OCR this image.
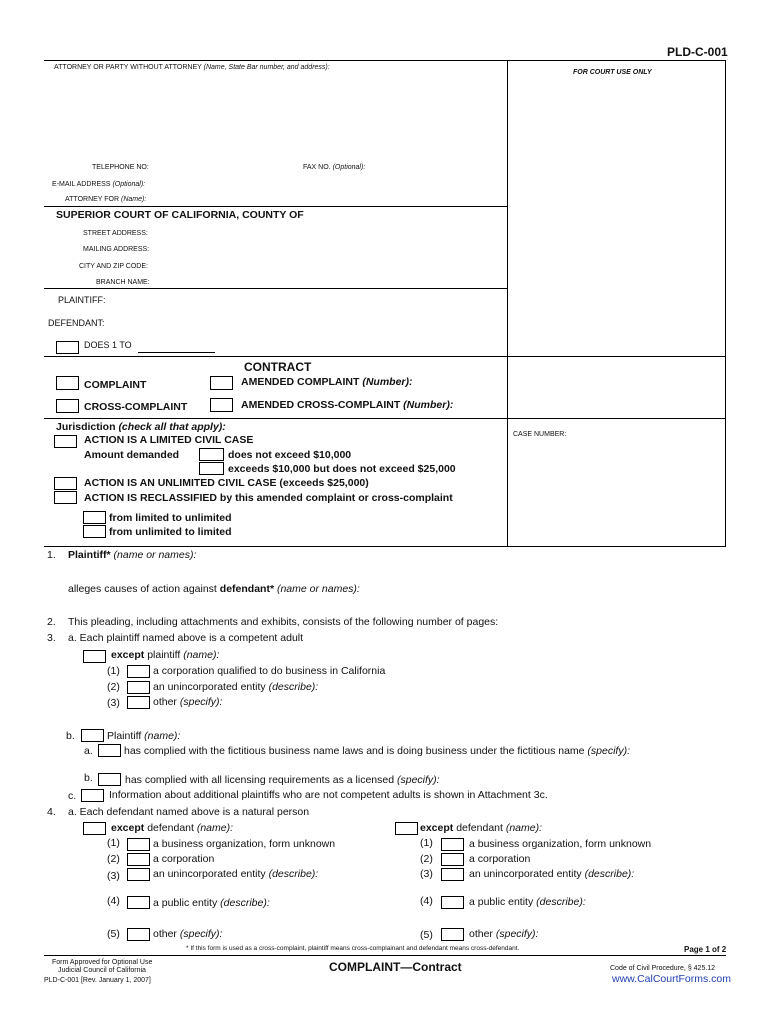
PLD-C-001
ATTORNEY OR PARTY WITHOUT ATTORNEY (Name, State Bar number, and address):
FOR COURT USE ONLY
TELEPHONE NO:	FAX NO. (Optional):
E-MAIL ADDRESS (Optional):
ATTORNEY FOR (Name):
SUPERIOR COURT OF CALIFORNIA, COUNTY OF
STREET ADDRESS:
MAILING ADDRESS:
CITY AND ZIP CODE:
BRANCH NAME:
PLAINTIFF:
DEFENDANT:
DOES 1 TO
CONTRACT
COMPLAINT	AMENDED COMPLAINT (Number):
CROSS-COMPLAINT	AMENDED CROSS-COMPLAINT (Number):
Jurisdiction (check all that apply):
CASE NUMBER:
ACTION IS A LIMITED CIVIL CASE
Amount demanded	does not exceed $10,000
exceeds $10,000 but does not exceed $25,000
ACTION IS AN UNLIMITED CIVIL CASE (exceeds $25,000)
ACTION IS RECLASSIFIED by this amended complaint or cross-complaint
from limited to unlimited
from unlimited to limited
1. Plaintiff* (name or names):
alleges causes of action against defendant* (name or names):
2. This pleading, including attachments and exhibits, consists of the following number of pages:
3. a. Each plaintiff named above is a competent adult
except plaintiff (name):
(1)	a corporation qualified to do business in California
(2)	an unincorporated entity (describe):
(3)	other (specify):
b.	Plaintiff (name):
a.	has complied with the fictitious business name laws and is doing business under the fictitious name (specify):
b.	has complied with all licensing requirements as a licensed (specify):
c.	Information about additional plaintiffs who are not competent adults is shown in Attachment 3c.
4. a. Each defendant named above is a natural person
except defendant (name):
(1)	a business organization, form unknown
(2)	a corporation
(3)	an unincorporated entity (describe):
(4)	a public entity (describe):
(5)	other (specify):
except defendant (name):
(1)	a business organization, form unknown
(2)	a corporation
(3)	an unincorporated entity (describe):
(4)	a public entity (describe):
(5)	other (specify):
* If this form is used as a cross-complaint, plaintiff means cross-complainant and defendant means cross-defendant.	Page 1 of 2
Form Approved for Optional Use
Judicial Council of California
PLD-C-001 [Rev. January 1, 2007]
COMPLAINT—Contract	Code of Civil Procedure, § 425.12
www.CalCourtForms.com
